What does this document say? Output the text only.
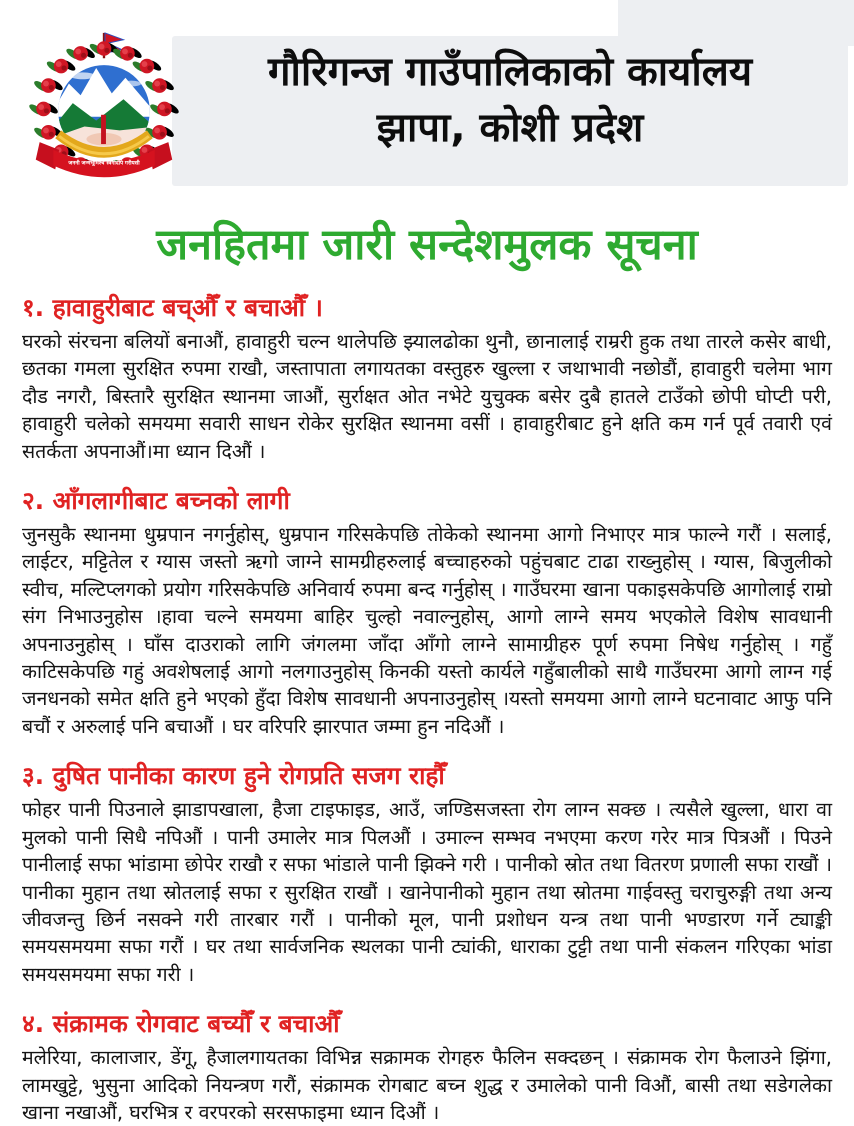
जननी जन्मभूमिश्च स्वर्गादपि गरीयसी
गौरिगन्ज गाउँपालिकाको कार्यालय
झापा, कोशी प्रदेश
जनहितमा जारी सन्देशमुलक सूचना
१. हावाहुरीबाट बच्औँ र बचाऔँ ।

घरको संरचना बलियों बनाऔं, हावाहुरी चल्न थालेपछि झ्यालढोका थुनौ, छानालाई राम्ररी हुक तथा तारले कसेर बाधी, छतका गमला सुरक्षित रुपमा राखौ, जस्तापाता लगायतका वस्तुहरु खुल्ला र जथाभावी नछोडौं, हावाहुरी चलेमा भाग दौड नगरौ, बिस्तारै सुरक्षित स्थानमा जाऔं, सुर्राक्षत ओत नभेटे युचुक्क बसेर दुबै हातले टाउँको छोपी घोप्टी परी, हावाहुरी चलेको समयमा सवारी साधन रोकेर सुरक्षित स्थानमा वसीं । हावाहुरीबाट हुने क्षति कम गर्न पूर्व तवारी एवं सतर्कता अपनाऔं।मा ध्यान दिऔं ।

२. आँगलागीबाट बच्नको लागी

जुनसुकै स्थानमा धुम्रपान नगर्नुहोस्, धुम्रपान गरिसकेपछि तोकेको स्थानमा आगो निभाएर मात्र फाल्ने गरौं । सलाई, लाईटर, मट्टितेल र ग्यास जस्तो ऋगो जाग्ने सामग्रीहरुलाई बच्चाहरुको पहुंचबाट टाढा राख्नुहोस् । ग्यास, बिजुलीको स्वीच, मल्टिप्लगको प्रयोग गरिसकेपछि अनिवार्य रुपमा बन्द गर्नुहोस् । गाउँघरमा खाना पकाइसकेपछि आगोलाई राम्रो संग निभाउनुहोस ।हावा चल्ने समयमा बाहिर चुल्हो नवाल्नुहोस्, आगो लाग्ने समय भएकोले विशेष सावधानी अपनाउनुहोस् । घाँस दाउराको लागि जंगलमा जाँदा आँगो लाग्ने सामाग्रीहरु पूर्ण रुपमा निषेध गर्नुहोस् । गहुँ काटिसकेपछि गहुं अवशेषलाई आगो नलगाउनुहोस् किनकी यस्तो कार्यले गहुँबालीको साथै गाउँघरमा आगो लाग्न गई जनधनको समेत क्षति हुने भएको हुँदा विशेष सावधानी अपनाउनुहोस् ।यस्तो समयमा आगो लाग्ने घटनावाट आफु पनि बचौं र अरुलाई पनि बचाऔं । घर वरिपरि झारपात जम्मा हुन नदिऔं ।

३. दुषित पानीका कारण हुने रोगप्रति सजग राहौँ

फोहर पानी पिउनाले झाडापखाला, हैजा टाइफाइड, आउँ, जण्डिसजस्ता रोग लाग्न सक्छ । त्यसैले खुल्ला, धारा वा मुलको पानी सिधै नपिऔं । पानी उमालेर मात्र पिलऔं । उमाल्न सम्भव नभएमा करण गरेर मात्र पित्रऔं । पिउने पानीलाई सफा भांडामा छोपेर राखौ र सफा भांडाले पानी झिक्ने गरी । पानीको स्रोत तथा वितरण प्रणाली सफा राखौं । पानीका मुहान तथा स्रोतलाई सफा र सुरक्षित राखौं । खानेपानीको मुहान तथा स्रोतमा गाईवस्तु चराचुरुङ्गी तथा अन्य जीवजन्तु छिर्न नसक्ने गरी तारबार गरौं । पानीको मूल, पानी प्रशोधन यन्त्र तथा पानी भण्डारण गर्ने ट्याङ्की समयसमयमा सफा गरौं । घर तथा सार्वजनिक स्थलका पानी ट्यांकी, धाराका टुट्टी तथा पानी संकलन गरिएका भांडा समयसमयमा सफा गरी ।

४. संक्रामक रोगवाट बच्यौँ र बचाऔँ

मलेरिया, कालाजार, डेंगू, हैजालगायतका विभिन्न सक्रामक रोगहरु फैलिन सक्दछन् । संक्रामक रोग फैलाउने झिंगा, लामखुट्टे, भुसुना आदिको नियन्त्रण गरौं, संक्रामक रोगबाट बच्न शुद्ध र उमालेको पानी विऔं, बासी तथा सडेगलेका खाना नखाऔं, घरभित्र र वरपरको सरसफाइमा ध्यान दिऔं ।
